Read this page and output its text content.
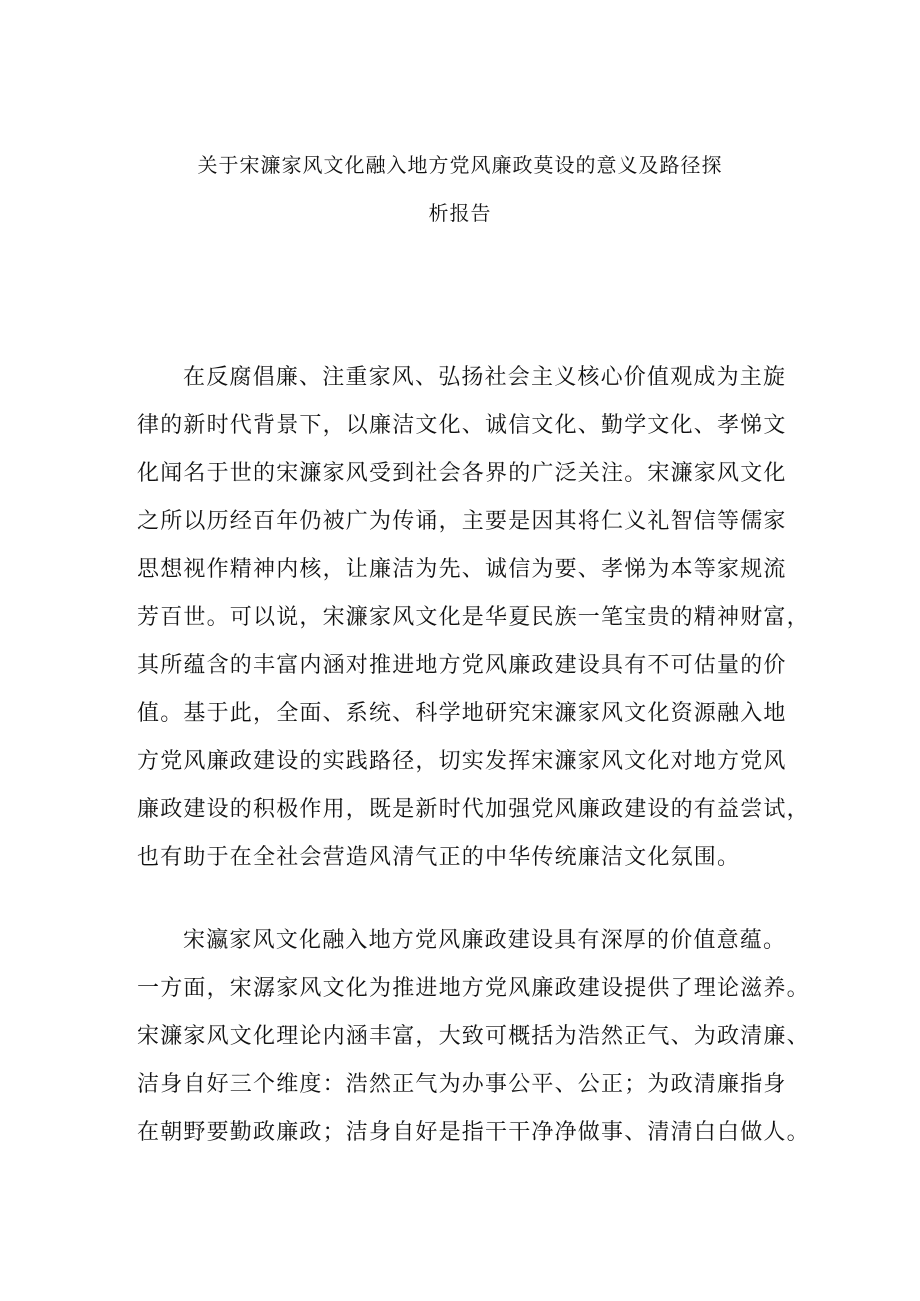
关于宋濂家风文化融入地方党风廉政莫设的意义及路径探
析报告
在反腐倡廉、注重家风、弘扬社会主义核心价值观成为主旋
律的新时代背景下，以廉洁文化、诚信文化、勤学文化、孝悌文
化闻名于世的宋濂家风受到社会各界的广泛关注。宋濂家风文化
之所以历经百年仍被广为传诵，主要是因其将仁义礼智信等儒家
思想视作精神内核，让廉洁为先、诚信为要、孝悌为本等家规流
芳百世。可以说，宋濂家风文化是华夏民族一笔宝贵的精神财富，
其所蕴含的丰富内涵对推进地方党风廉政建设具有不可估量的价
值。基于此，全面、系统、科学地研究宋濂家风文化资源融入地
方党风廉政建设的实践路径，切实发挥宋濂家风文化对地方党风
廉政建设的积极作用，既是新时代加强党风廉政建设的有益尝试，
也有助于在全社会营造风清气正的中华传统廉洁文化氛围。
宋瀛家风文化融入地方党风廉政建设具有深厚的价值意蕴。
一方面，宋潺家风文化为推进地方党风廉政建设提供了理论滋养。
宋濂家风文化理论内涵丰富，大致可概括为浩然正气、为政清廉、
洁身自好三个维度：浩然正气为办事公平、公正；为政清廉指身
在朝野要勤政廉政；洁身自好是指干干净净做事、清清白白做人。
